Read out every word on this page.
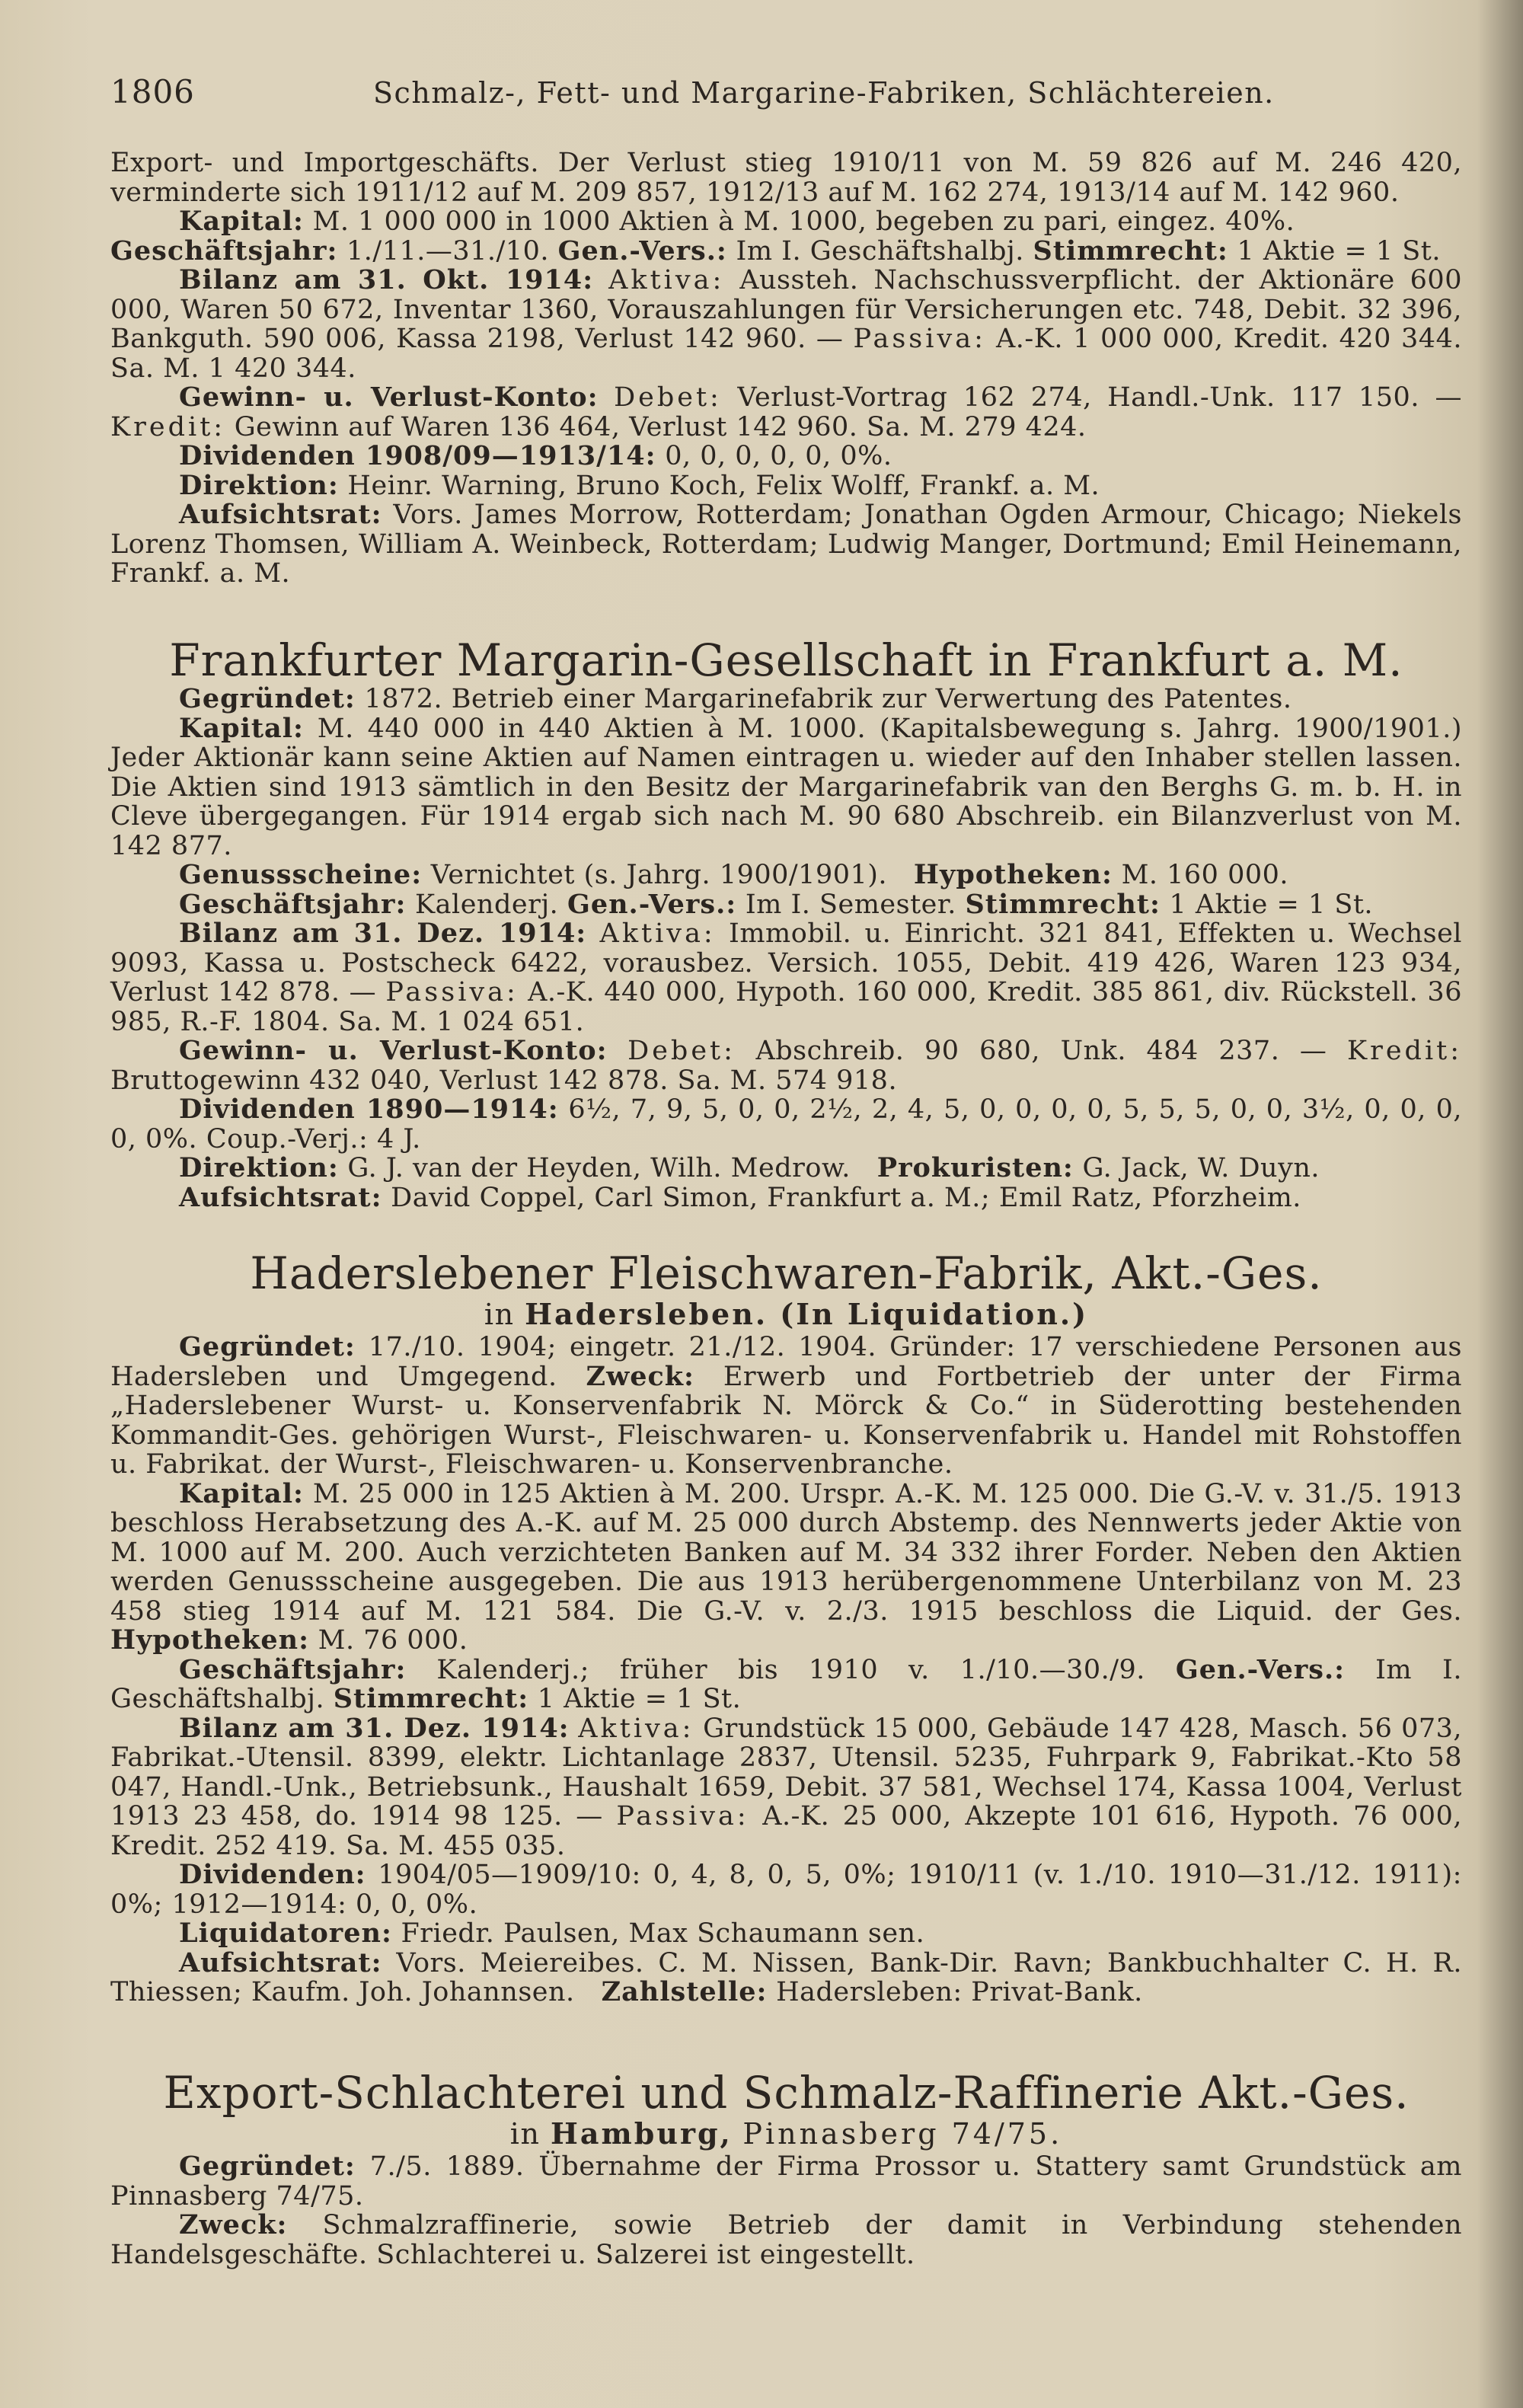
1806	Schmalz-, Fett- und Margarine-Fabriken, Schlächtereien.

Export- und Importgeschäfts. Der Verlust stieg 1910/11 von M. 59 826 auf M. 246 420, verminderte sich 1911/12 auf M. 209 857, 1912/13 auf M. 162 274, 1913/14 auf M. 142 960.

Kapital: M. 1 000 000 in 1000 Aktien à M. 1000, begeben zu pari, eingez. 40%.

Geschäftsjahr: 1./11.—31./10. Gen.-Vers.: Im I. Geschäftshalbj. Stimmrecht: 1 Aktie = 1 St.

Bilanz am 31. Okt. 1914: Aktiva: Aussteh. Nachschussverpflicht. der Aktionäre 600 000, Waren 50 672, Inventar 1360, Vorauszahlungen für Versicherungen etc. 748, Debit. 32 396, Bankguth. 590 006, Kassa 2198, Verlust 142 960. — Passiva: A.-K. 1 000 000, Kredit. 420 344. Sa. M. 1 420 344.

Gewinn- u. Verlust-Konto: Debet: Verlust-Vortrag 162 274, Handl.-Unk. 117 150. — Kredit: Gewinn auf Waren 136 464, Verlust 142 960. Sa. M. 279 424.

Dividenden 1908/09—1913/14: 0, 0, 0, 0, 0, 0%.

Direktion: Heinr. Warning, Bruno Koch, Felix Wolff, Frankf. a. M.

Aufsichtsrat: Vors. James Morrow, Rotterdam; Jonathan Ogden Armour, Chicago; Niekels Lorenz Thomsen, William A. Weinbeck, Rotterdam; Ludwig Manger, Dortmund; Emil Heinemann, Frankf. a. M.

Frankfurter Margarin-Gesellschaft in Frankfurt a. M.

Gegründet: 1872. Betrieb einer Margarinefabrik zur Verwertung des Patentes.

Kapital: M. 440 000 in 440 Aktien à M. 1000. (Kapitalsbewegung s. Jahrg. 1900/1901.) Jeder Aktionär kann seine Aktien auf Namen eintragen u. wieder auf den Inhaber stellen lassen. Die Aktien sind 1913 sämtlich in den Besitz der Margarinefabrik van den Berghs G. m. b. H. in Cleve übergegangen. Für 1914 ergab sich nach M. 90 680 Abschreib. ein Bilanzverlust von M. 142 877.

Genussscheine: Vernichtet (s. Jahrg. 1900/1901). Hypotheken: M. 160 000.

Geschäftsjahr: Kalenderj. Gen.-Vers.: Im I. Semester. Stimmrecht: 1 Aktie = 1 St.

Bilanz am 31. Dez. 1914: Aktiva: Immobil. u. Einricht. 321 841, Effekten u. Wechsel 9093, Kassa u. Postscheck 6422, vorausbez. Versich. 1055, Debit. 419 426, Waren 123 934, Verlust 142 878. — Passiva: A.-K. 440 000, Hypoth. 160 000, Kredit. 385 861, div. Rückstell. 36 985, R.-F. 1804. Sa. M. 1 024 651.

Gewinn- u. Verlust-Konto: Debet: Abschreib. 90 680, Unk. 484 237. — Kredit: Bruttogewinn 432 040, Verlust 142 878. Sa. M. 574 918.

Dividenden 1890—1914: 6½, 7, 9, 5, 0, 0, 2½, 2, 4, 5, 0, 0, 0, 0, 5, 5, 5, 0, 0, 3½, 0, 0, 0, 0, 0%. Coup.-Verj.: 4 J.

Direktion: G. J. van der Heyden, Wilh. Medrow. Prokuristen: G. Jack, W. Duyn.

Aufsichtsrat: David Coppel, Carl Simon, Frankfurt a. M.; Emil Ratz, Pforzheim.

Haderslebener Fleischwaren-Fabrik, Akt.-Ges.

in Hadersleben. (In Liquidation.)

Gegründet: 17./10. 1904; eingetr. 21./12. 1904. Gründer: 17 verschiedene Personen aus Hadersleben und Umgegend. Zweck: Erwerb und Fortbetrieb der unter der Firma „Haderslebener Wurst- u. Konservenfabrik N. Mörck & Co.“ in Süderotting bestehenden Kommandit-Ges. gehörigen Wurst-, Fleischwaren- u. Konservenfabrik u. Handel mit Rohstoffen u. Fabrikat. der Wurst-, Fleischwaren- u. Konservenbranche.

Kapital: M. 25 000 in 125 Aktien à M. 200. Urspr. A.-K. M. 125 000. Die G.-V. v. 31./5. 1913 beschloss Herabsetzung des A.-K. auf M. 25 000 durch Abstemp. des Nennwerts jeder Aktie von M. 1000 auf M. 200. Auch verzichteten Banken auf M. 34 332 ihrer Forder. Neben den Aktien werden Genussscheine ausgegeben. Die aus 1913 herübergenommene Unterbilanz von M. 23 458 stieg 1914 auf M. 121 584. Die G.-V. v. 2./3. 1915 beschloss die Liquid. der Ges. Hypotheken: M. 76 000.

Geschäftsjahr: Kalenderj.; früher bis 1910 v. 1./10.—30./9. Gen.-Vers.: Im I. Geschäftshalbj. Stimmrecht: 1 Aktie = 1 St.

Bilanz am 31. Dez. 1914: Aktiva: Grundstück 15 000, Gebäude 147 428, Masch. 56 073, Fabrikat.-Utensil. 8399, elektr. Lichtanlage 2837, Utensil. 5235, Fuhrpark 9, Fabrikat.-Kto 58 047, Handl.-Unk., Betriebsunk., Haushalt 1659, Debit. 37 581, Wechsel 174, Kassa 1004, Verlust 1913 23 458, do. 1914 98 125. — Passiva: A.-K. 25 000, Akzepte 101 616, Hypoth. 76 000, Kredit. 252 419. Sa. M. 455 035.

Dividenden: 1904/05—1909/10: 0, 4, 8, 0, 5, 0%; 1910/11 (v. 1./10. 1910—31./12. 1911): 0%; 1912—1914: 0, 0, 0%.

Liquidatoren: Friedr. Paulsen, Max Schaumann sen.

Aufsichtsrat: Vors. Meiereibes. C. M. Nissen, Bank-Dir. Ravn; Bankbuchhalter C. H. R. Thiessen; Kaufm. Joh. Johannsen. Zahlstelle: Hadersleben: Privat-Bank.

Export-Schlachterei und Schmalz-Raffinerie Akt.-Ges.

in Hamburg, Pinnasberg 74/75.

Gegründet: 7./5. 1889. Übernahme der Firma Prossor u. Stattery samt Grundstück am Pinnasberg 74/75.

Zweck: Schmalzraffinerie, sowie Betrieb der damit in Verbindung stehenden Handelsgeschäfte. Schlachterei u. Salzerei ist eingestellt.
